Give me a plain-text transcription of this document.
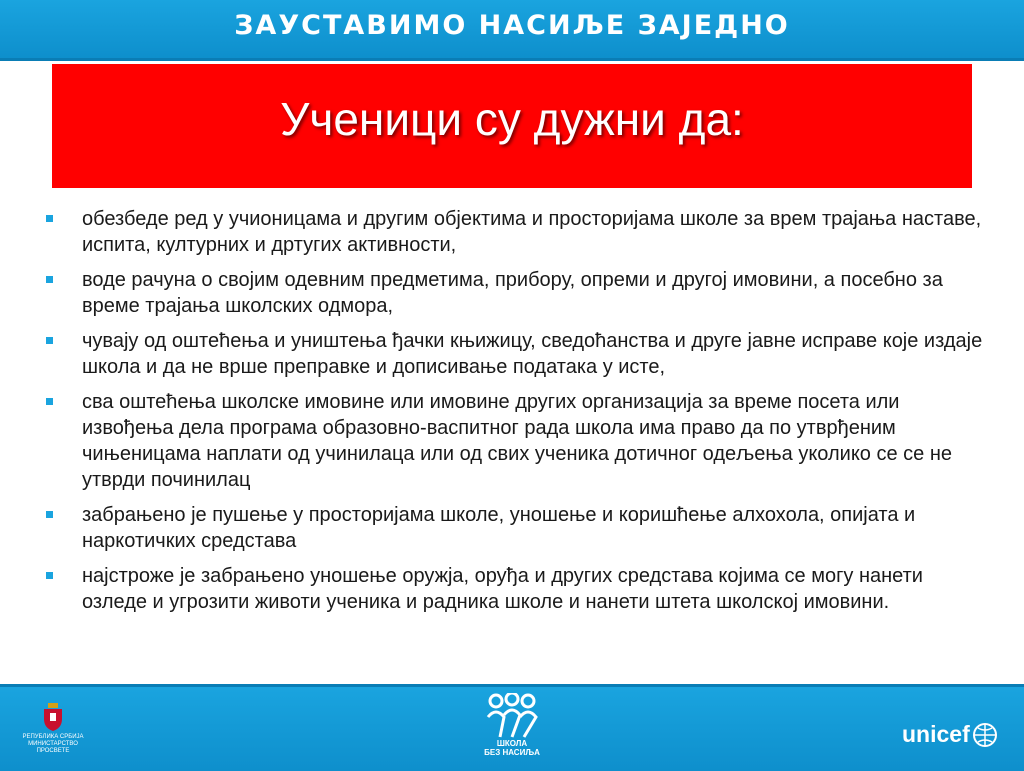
ЗАУСТАВИМО НАСИЉЕ ЗАЈЕДНО
Ученици су дужни да:
обезбеде ред у учионицама и другим објектима и просторијама школе за врем трајања наставе, испита, културних и дртугих активности,
воде рачуна о својим одевним предметима, прибору, опреми и другој имовини, а посебно за време трајања школских одмора,
чувају од оштећења и уништења ђачки књижицу, сведоћанства и друге јавне исправе које издаје школа и да не врше преправке и дописивање података у исте,
сва оштећења школске имовине или имовине других организација за време посета или извођења дела програма образовно-васпитног рада школа има право да по утврђеним чињеницама наплати од учинилаца или од свих ученика дотичног одељења уколико се се не утврди починилац
забрањено је пушење у просторијама школе, уношење и коришћење алхохола, опијата и наркотичких средстава
најстроже је забрањено уношење оружја, оруђа и других средстава којима се могу нанети озледе и угрозити животи ученика и радника школе и нанети штета школској имовини.
РЕПУБЛИКА СРБИЈА
МИНИСТАРСТВО ПРОСВЕТЕ
ШКОЛА
БЕЗ НАСИЉА
unicef
